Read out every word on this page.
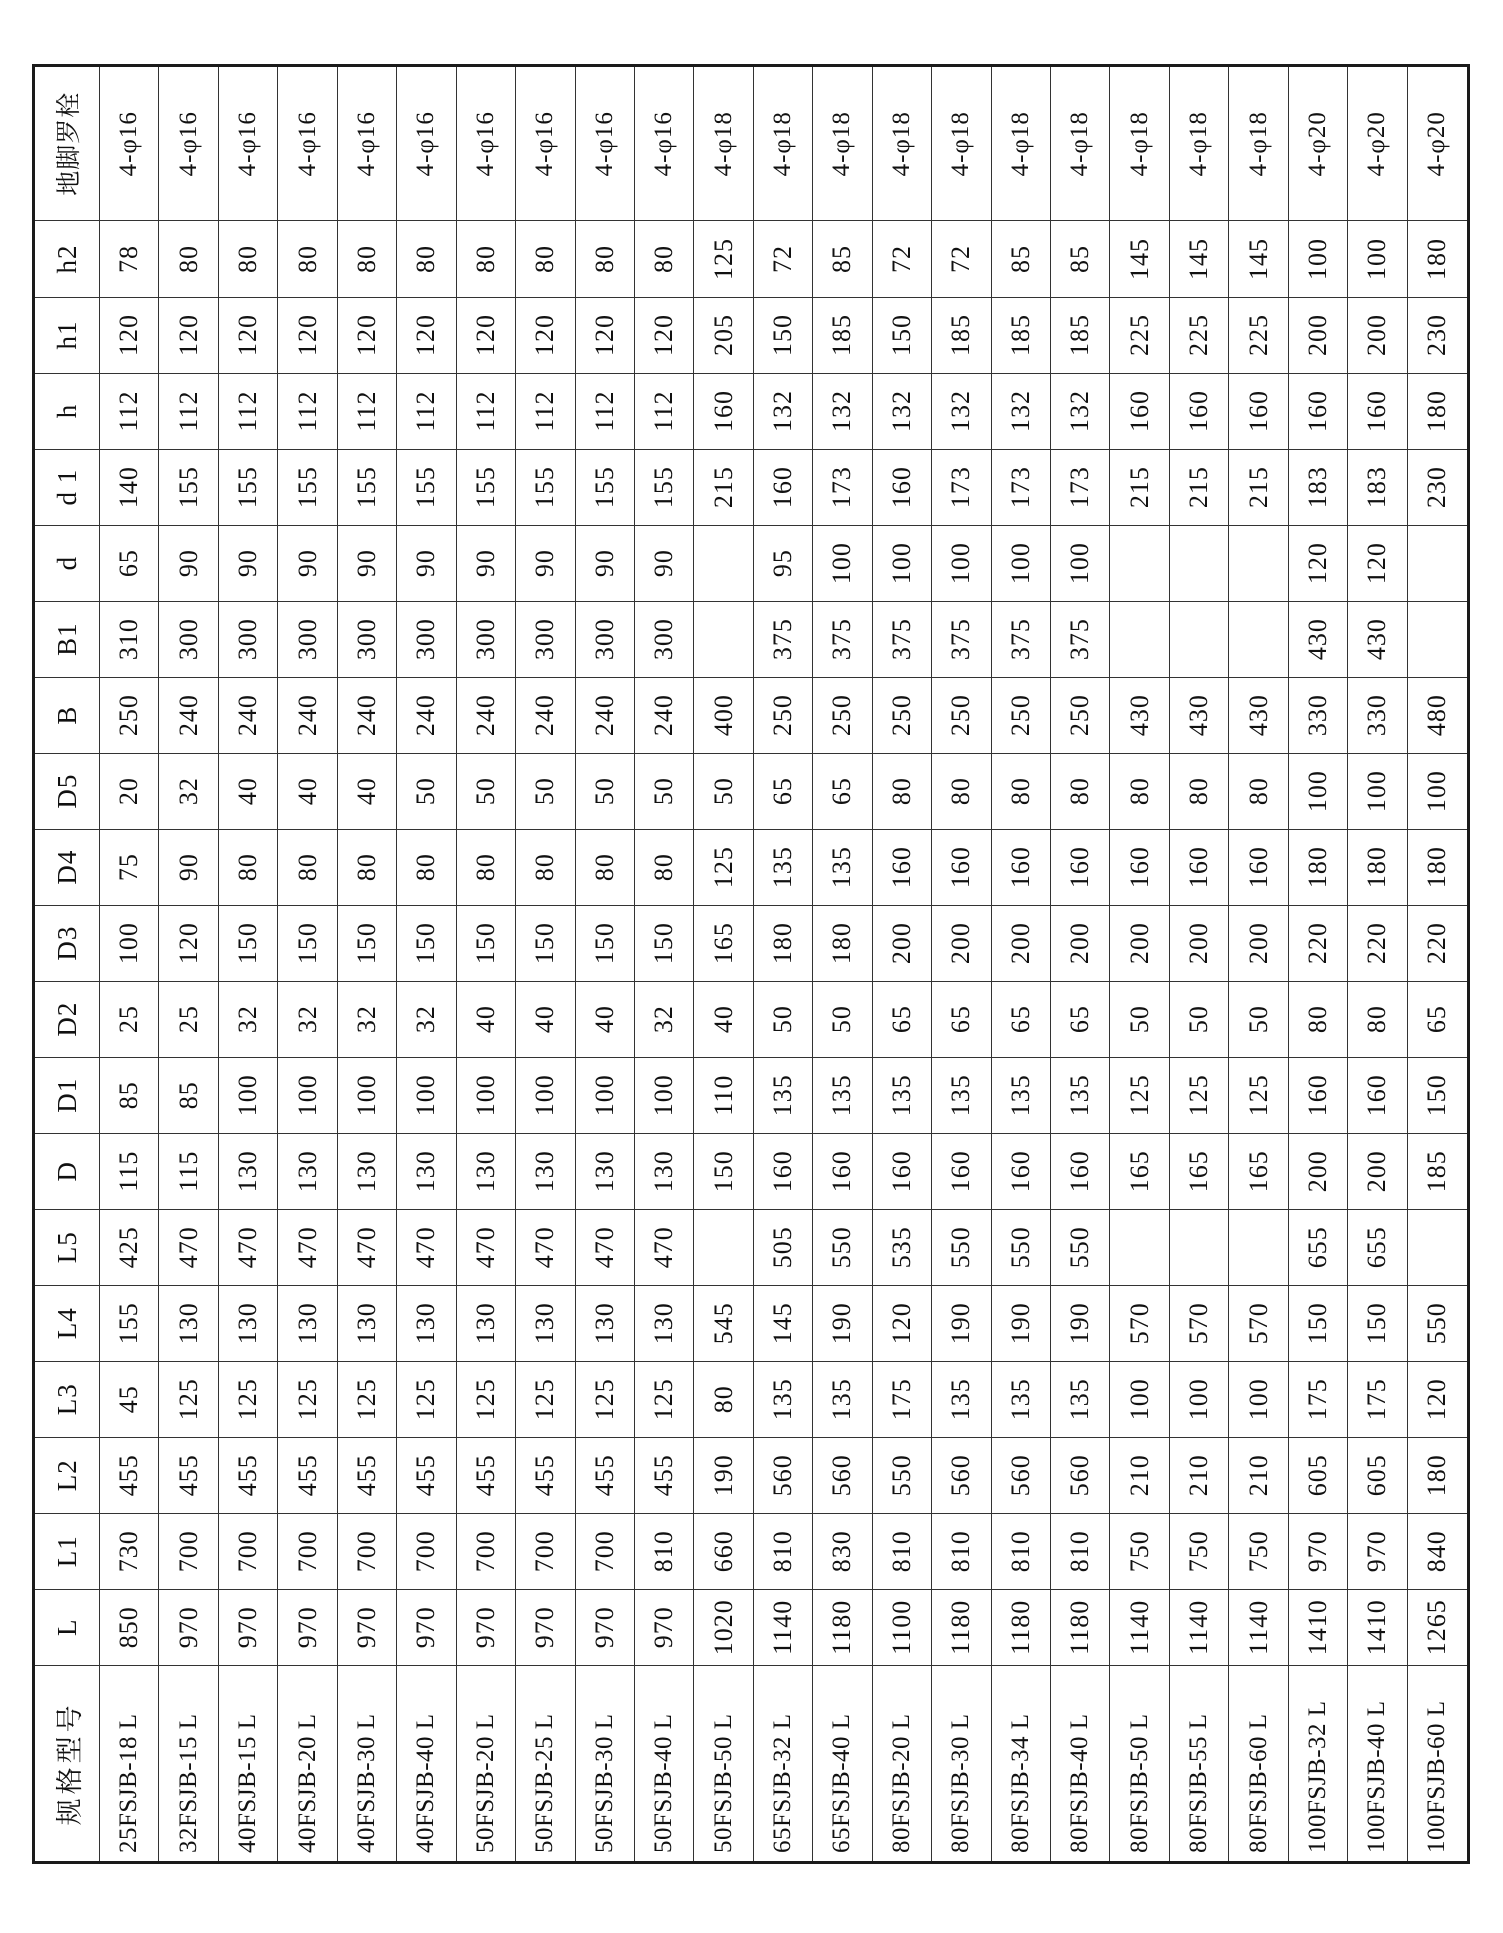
规格型号	L	L1	L2	L3	L4	L5	D	D1	D2	D3	D4	D5	B	B1	d	d 1	h	h1	h2	地脚罗栓
25FSJB-18 L	850	730	455	45	155	425	115	85	25	100	75	20	250	310	65	140	112	120	78	4-φ16
32FSJB-15 L	970	700	455	125	130	470	115	85	25	120	90	32	240	300	90	155	112	120	80	4-φ16
40FSJB-15 L	970	700	455	125	130	470	130	100	32	150	80	40	240	300	90	155	112	120	80	4-φ16
40FSJB-20 L	970	700	455	125	130	470	130	100	32	150	80	40	240	300	90	155	112	120	80	4-φ16
40FSJB-30 L	970	700	455	125	130	470	130	100	32	150	80	40	240	300	90	155	112	120	80	4-φ16
40FSJB-40 L	970	700	455	125	130	470	130	100	32	150	80	50	240	300	90	155	112	120	80	4-φ16
50FSJB-20 L	970	700	455	125	130	470	130	100	40	150	80	50	240	300	90	155	112	120	80	4-φ16
50FSJB-25 L	970	700	455	125	130	470	130	100	40	150	80	50	240	300	90	155	112	120	80	4-φ16
50FSJB-30 L	970	700	455	125	130	470	130	100	40	150	80	50	240	300	90	155	112	120	80	4-φ16
50FSJB-40 L	970	810	455	125	130	470	130	100	32	150	80	50	240	300	90	155	112	120	80	4-φ16
50FSJB-50 L	1020	660	190	80	545		150	110	40	165	125	50	400			215	160	205	125	4-φ18
65FSJB-32 L	1140	810	560	135	145	505	160	135	50	180	135	65	250	375	95	160	132	150	72	4-φ18
65FSJB-40 L	1180	830	560	135	190	550	160	135	50	180	135	65	250	375	100	173	132	185	85	4-φ18
80FSJB-20 L	1100	810	550	175	120	535	160	135	65	200	160	80	250	375	100	160	132	150	72	4-φ18
80FSJB-30 L	1180	810	560	135	190	550	160	135	65	200	160	80	250	375	100	173	132	185	72	4-φ18
80FSJB-34 L	1180	810	560	135	190	550	160	135	65	200	160	80	250	375	100	173	132	185	85	4-φ18
80FSJB-40 L	1180	810	560	135	190	550	160	135	65	200	160	80	250	375	100	173	132	185	85	4-φ18
80FSJB-50 L	1140	750	210	100	570		165	125	50	200	160	80	430			215	160	225	145	4-φ18
80FSJB-55 L	1140	750	210	100	570		165	125	50	200	160	80	430			215	160	225	145	4-φ18
80FSJB-60 L	1140	750	210	100	570		165	125	50	200	160	80	430			215	160	225	145	4-φ18
100FSJB-32 L	1410	970	605	175	150	655	200	160	80	220	180	100	330	430	120	183	160	200	100	4-φ20
100FSJB-40 L	1410	970	605	175	150	655	200	160	80	220	180	100	330	430	120	183	160	200	100	4-φ20
100FSJB-60 L	1265	840	180	120	550		185	150	65	220	180	100	480			230	180	230	180	4-φ20
